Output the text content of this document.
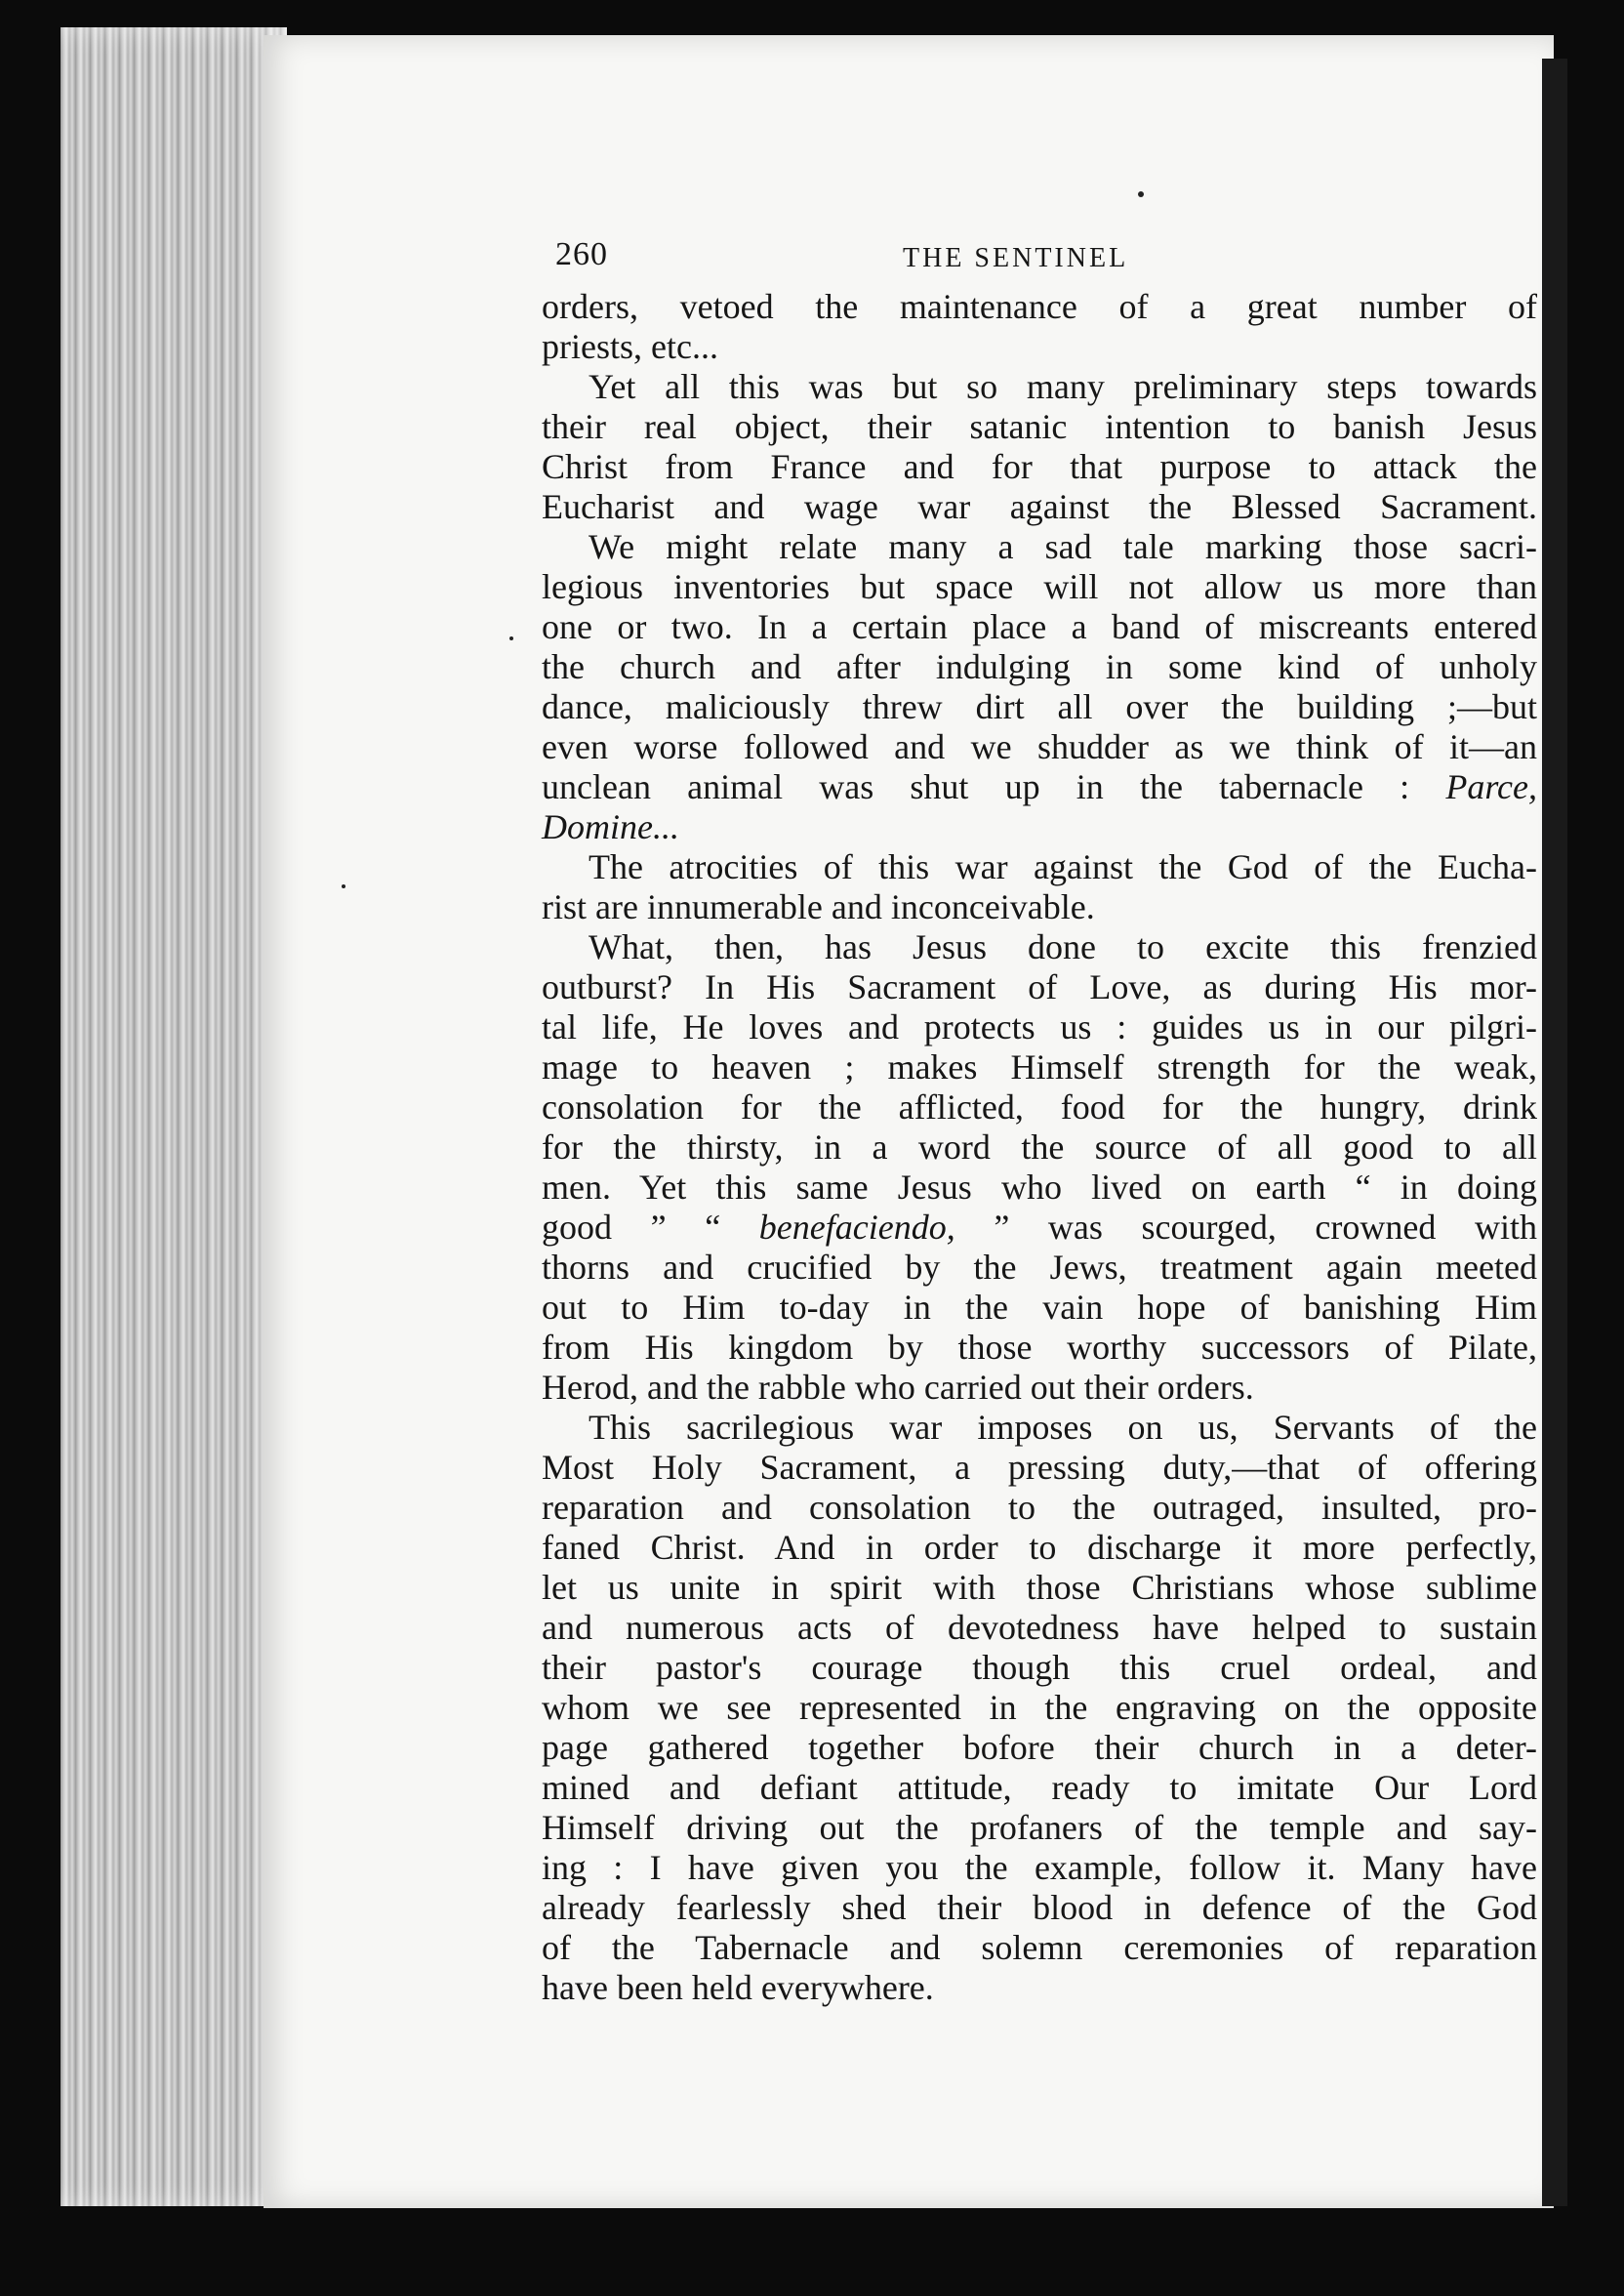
260	THE SENTINEL
orders, vetoed the maintenance of a great number of
priests, etc...
Yet all this was but so many preliminary steps towards
their real object, their satanic intention to banish Jesus
Christ from France and for that purpose to attack the
Eucharist and wage war against the Blessed Sacrament.
We might relate many a sad tale marking those sacri-
legious inventories but space will not allow us more than
one or two. In a certain place a band of miscreants entered
the church and after indulging in some kind of unholy
dance, maliciously threw dirt all over the building ;—but
even worse followed and we shudder as we think of it—an
unclean animal was shut up in the tabernacle : Parce,
Domine...
The atrocities of this war against the God of the Eucha-
rist are innumerable and inconceivable.
What, then, has Jesus done to excite this frenzied
outburst? In His Sacrament of Love, as during His mor-
tal life, He loves and protects us : guides us in our pilgri-
mage to heaven ; makes Himself strength for the weak,
consolation for the afflicted, food for the hungry, drink
for the thirsty, in a word the source of all good to all
men. Yet this same Jesus who lived on earth “ in doing
good ” “ benefaciendo, ” was scourged, crowned with
thorns and crucified by the Jews, treatment again meeted
out to Him to-day in the vain hope of banishing Him
from His kingdom by those worthy successors of Pilate,
Herod, and the rabble who carried out their orders.
This sacrilegious war imposes on us, Servants of the
Most Holy Sacrament, a pressing duty,—that of offering
reparation and consolation to the outraged, insulted, pro-
faned Christ. And in order to discharge it more perfectly,
let us unite in spirit with those Christians whose sublime
and numerous acts of devotedness have helped to sustain
their pastor's courage though this cruel ordeal, and
whom we see represented in the engraving on the opposite
page gathered together bofore their church in a deter-
mined and defiant attitude, ready to imitate Our Lord
Himself driving out the profaners of the temple and say-
ing : I have given you the example, follow it. Many have
already fearlessly shed their blood in defence of the God
of the Tabernacle and solemn ceremonies of reparation
have been held everywhere.
